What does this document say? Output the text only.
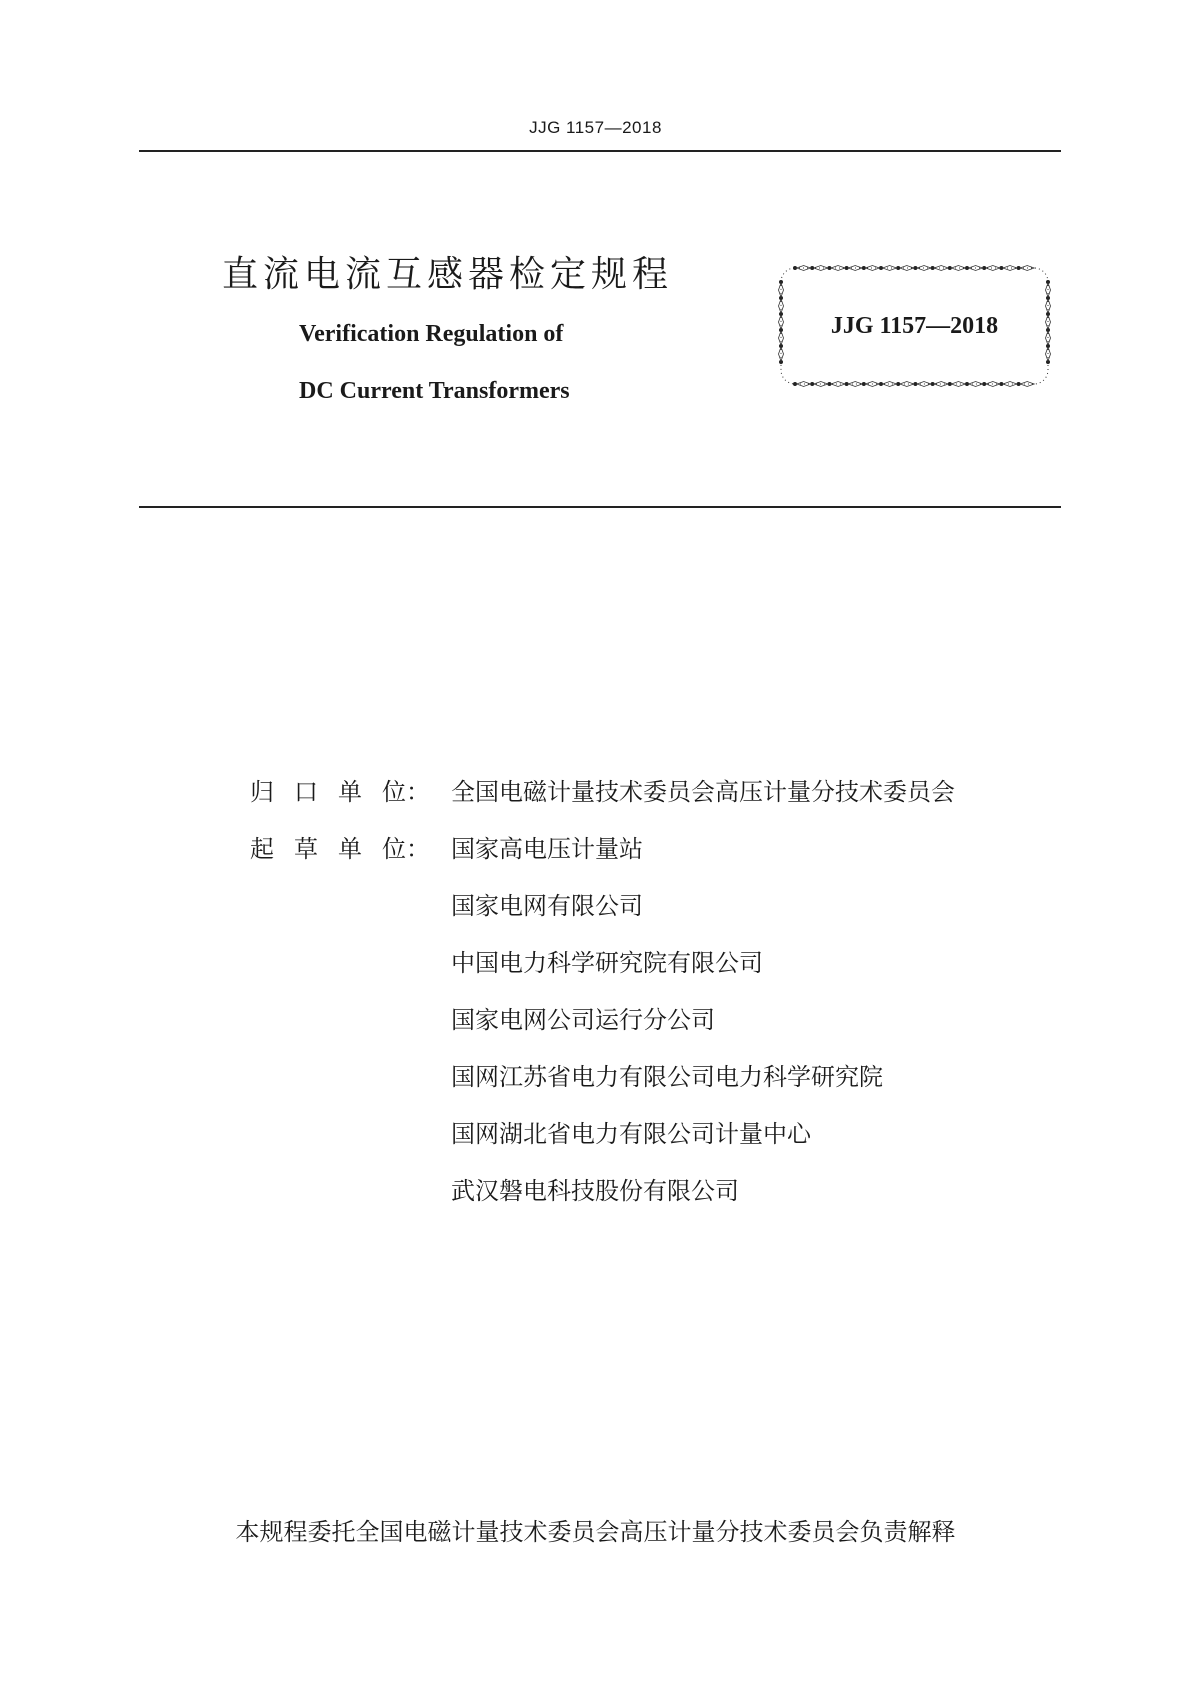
JJG 1157—2018
直流电流互感器检定规程
Verification Regulation of
DC Current Transformers
JJG 1157—2018
归 口 单 位： 全国电磁计量技术委员会高压计量分技术委员会
起 草 单 位： 国家高电压计量站
国家电网有限公司
中国电力科学研究院有限公司
国家电网公司运行分公司
国网江苏省电力有限公司电力科学研究院
国网湖北省电力有限公司计量中心
武汉磐电科技股份有限公司
本规程委托全国电磁计量技术委员会高压计量分技术委员会负责解释
